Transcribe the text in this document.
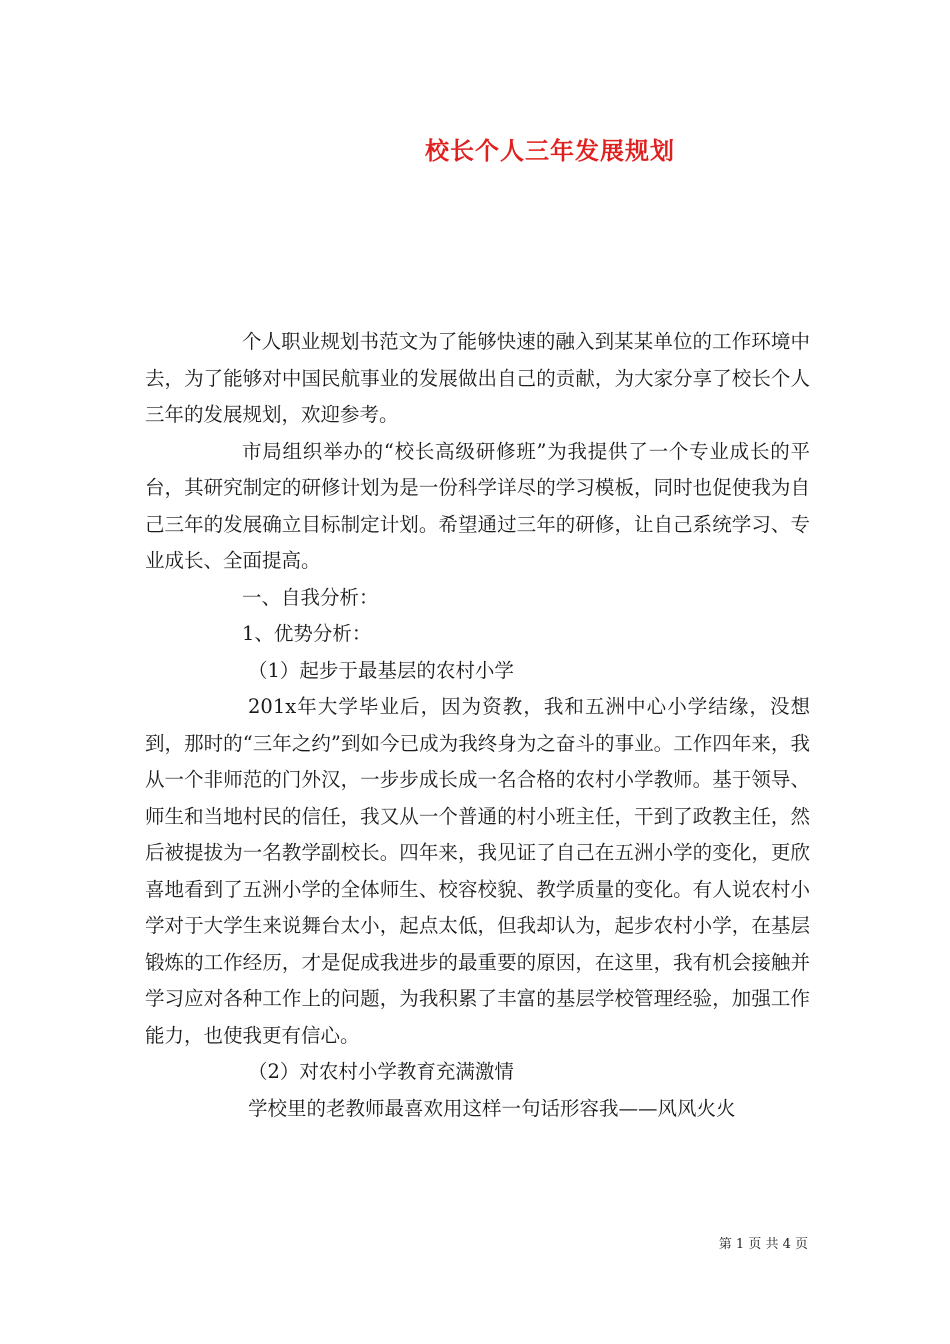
校长个人三年发展规划

个人职业规划书范文为了能够快速的融入到某某单位的工作环境中去，为了能够对中国民航事业的发展做出自己的贡献，为大家分享了校长个人三年的发展规划，欢迎参考。

市局组织举办的“校长高级研修班”为我提供了一个专业成长的平台，其研究制定的研修计划为是一份科学详尽的学习模板，同时也促使我为自己三年的发展确立目标制定计划。希望通过三年的研修，让自己系统学习、专业成长、全面提高。

一、自我分析：

1、优势分析：

（1）起步于最基层的农村小学

201x年大学毕业后，因为资教，我和五洲中心小学结缘，没想到，那时的“三年之约”到如今已成为我终身为之奋斗的事业。工作四年来，我从一个非师范的门外汉，一步步成长成一名合格的农村小学教师。基于领导、师生和当地村民的信任，我又从一个普通的村小班主任，干到了政教主任，然后被提拔为一名教学副校长。四年来，我见证了自己在五洲小学的变化，更欣喜地看到了五洲小学的全体师生、校容校貌、教学质量的变化。有人说农村小学对于大学生来说舞台太小，起点太低，但我却认为，起步农村小学，在基层锻炼的工作经历，才是促成我进步的最重要的原因，在这里，我有机会接触并学习应对各种工作上的问题，为我积累了丰富的基层学校管理经验，加强工作能力，也使我更有信心。

（2）对农村小学教育充满激情

学校里的老教师最喜欢用这样一句话形容我——风风火火

第 1 页 共 4 页
